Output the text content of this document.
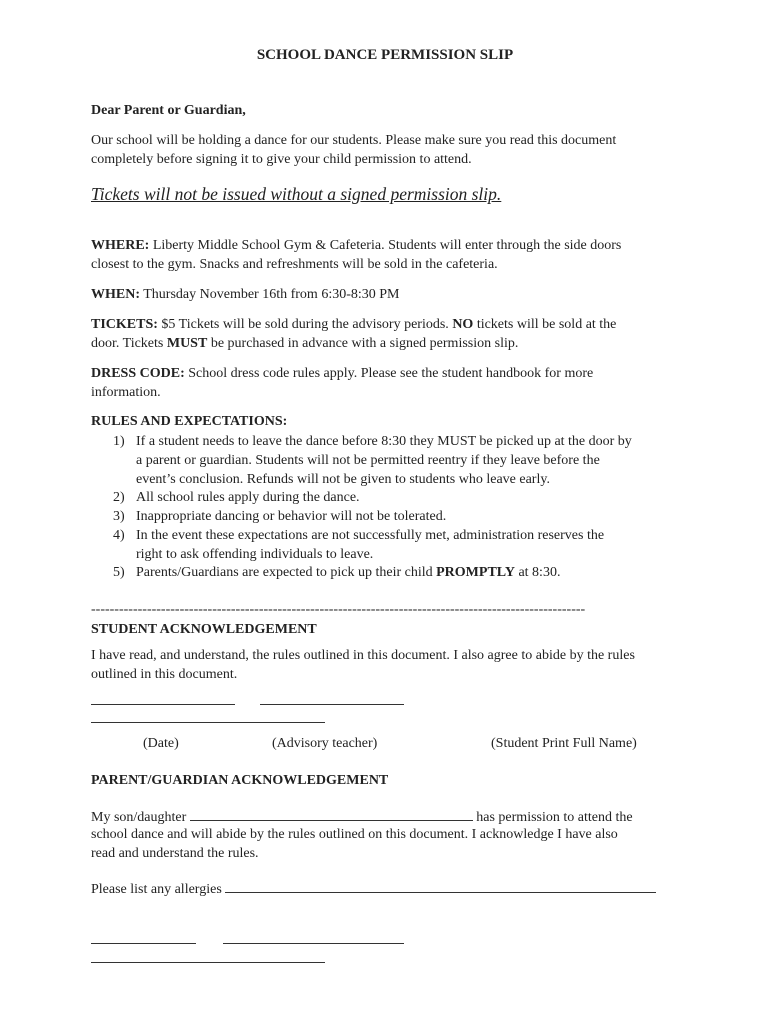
SCHOOL DANCE PERMISSION SLIP
Dear Parent or Guardian,
Our school will be holding a dance for our students. Please make sure you read this document
completely before signing it to give your child permission to attend.
Tickets will not be issued without a signed permission slip.
WHERE: Liberty Middle School Gym & Cafeteria. Students will enter through the side doors
closest to the gym. Snacks and refreshments will be sold in the cafeteria.
WHEN: Thursday November 16th from 6:30-8:30 PM
TICKETS: $5 Tickets will be sold during the advisory periods. NO tickets will be sold at the
door. Tickets MUST be purchased in advance with a signed permission slip.
DRESS CODE: School dress code rules apply. Please see the student handbook for more
information.
RULES AND EXPECTATIONS:
1) If a student needs to leave the dance before 8:30 they MUST be picked up at the door by
a parent or guardian. Students will not be permitted reentry if they leave before the
event’s conclusion. Refunds will not be given to students who leave early.
2) All school rules apply during the dance.
3) Inappropriate dancing or behavior will not be tolerated.
4) In the event these expectations are not successfully met, administration reserves the
right to ask offending individuals to leave.
5) Parents/Guardians are expected to pick up their child PROMPTLY at 8:30.
----------------------------------------------------------------------------------------------------------
STUDENT ACKNOWLEDGEMENT
I have read, and understand, the rules outlined in this document. I also agree to abide by the rules
outlined in this document.
(Date)	(Advisory teacher)	(Student Print Full Name)
PARENT/GUARDIAN ACKNOWLEDGEMENT
My son/daughter	has permission to attend the
school dance and will abide by the rules outlined on this document. I acknowledge I have also
read and understand the rules.
Please list any allergies
